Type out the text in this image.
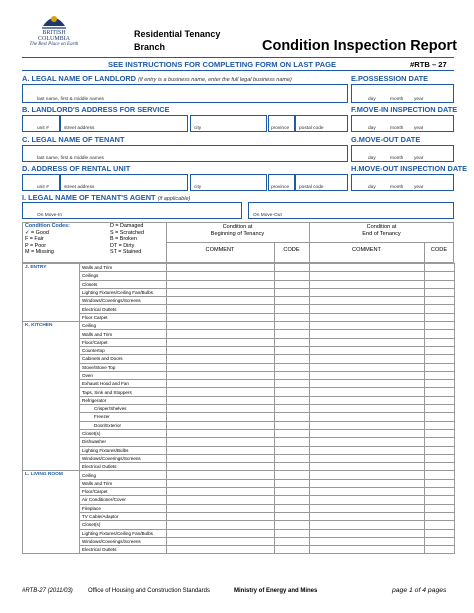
BRITISH
COLUMBIA
The Best Place on Earth
Residential Tenancy
Branch	Condition Inspection Report
SEE INSTRUCTIONS FOR COMPLETING FORM ON LAST PAGE	#RTB – 27
A. LEGAL NAME OF LANDLORD (if entry is a business name, enter the full legal business name)
last name, first & middle names
E.POSSESSION DATE
day	month year
B. LANDLORD'S ADDRESS FOR SERVICE
unit #	street address	city	province postal code
F.MOVE-IN INSPECTION DATE
day	month year
C. LEGAL NAME OF TENANT
last name, first & middle names
G.MOVE-OUT DATE
day	month year
D. ADDRESS OF RENTAL UNIT
unit #	street address	city	province postal code
H.MOVE-OUT INSPECTION DATE
day	month year
I. LEGAL NAME OF TENANT'S AGENT (if applicable)
On Move-In	On Move-Out
Condition Codes:
✓ = Good
F = Fair
P = Poor
M = Missing
D = Damaged
S = Scratched
B = Broken
DT = Dirty
ST = Stained
Condition at
Beginning of Tenancy
Condition at
End of Tenancy
COMMENT	CODE	COMMENT	CODE
J. ENTRY	Walls and Trim				
	Ceilings				
	Closets				
	Lighting Fixtures/Ceiling Fan/Bulbs				
	Windows/Coverings/Screens				
	Electrical Outlets				
	Floor Carpet				
K. KITCHEN	Ceiling				
	Walls and Trim				
	Floor/Carpet				
	Countertop				
	Cabinets and Doors				
	Stove/Stove Top				
	Oven				
	Exhaust Hood and Fan				
	Taps, Sink and Stoppers				
	Refrigerator				
	Crisper/Shelves				
	Freezer				
	Door/Exterior				
	Closet(s)				
	Dishwasher				
	Lighting Fixtures/Bulbs				
	Windows/Coverings/Screens				
	Electrical Outlets				
L. LIVING ROOM	Ceiling				
	Walls and Trim				
	Floor/Carpet				
	Air Conditioner/Cover				
	Fireplace				
	TV Cable/Adaptor				
	Closet(s)				
	Lighting Fixtures/Ceiling Fan/Bulbs				
	Windows/Coverings/Screens				
	Electrical Outlets				
#RTB-27 (2011/03)	Office of Housing and Construction Standards	Ministry of Energy and Mines	page 1 of 4 pages
